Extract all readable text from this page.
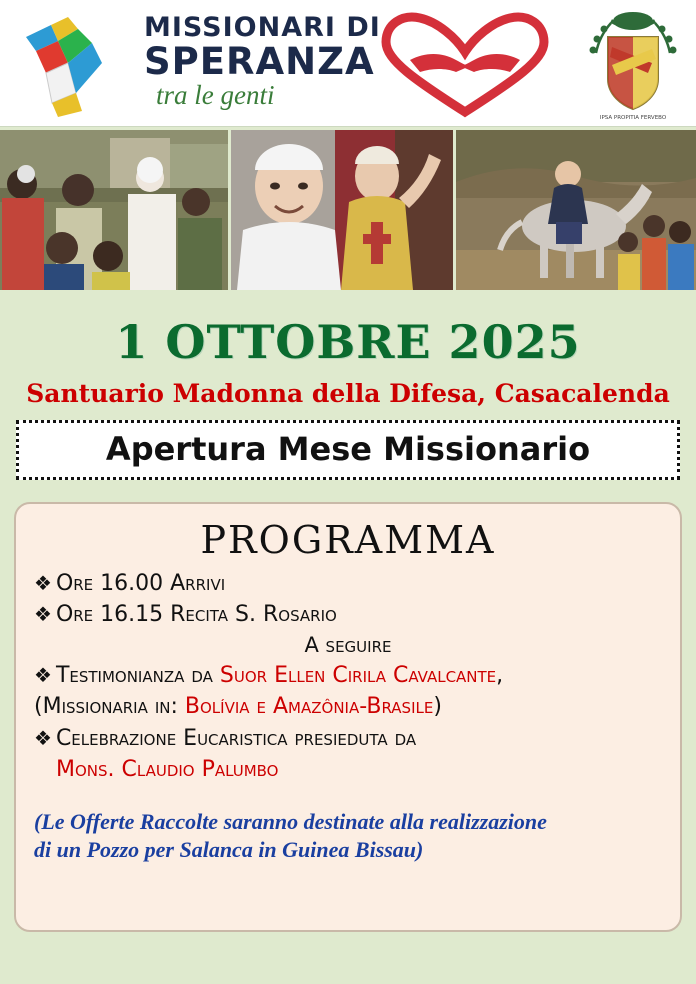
MISSIONARI DI
SPERANZA
tra le genti
IPSA PROPITIA FERVEBO
1 OTTOBRE 2025
Santuario Madonna della Difesa, Casacalenda
Apertura Mese Missionario
PROGRAMMA
❖ Ore 16.00 Arrivi
❖ Ore 16.15 Recita S. Rosario
A seguire
❖ Testimonianza da Suor Ellen Cirila Cavalcante,
(Missionaria in: Bolívia e Amazônia-Brasile)
❖ Celebrazione Eucaristica presieduta da
Mons. Claudio Palumbo
(Le Offerte Raccolte saranno destinate alla realizzazione
di un Pozzo per Salanca in Guinea Bissau)
